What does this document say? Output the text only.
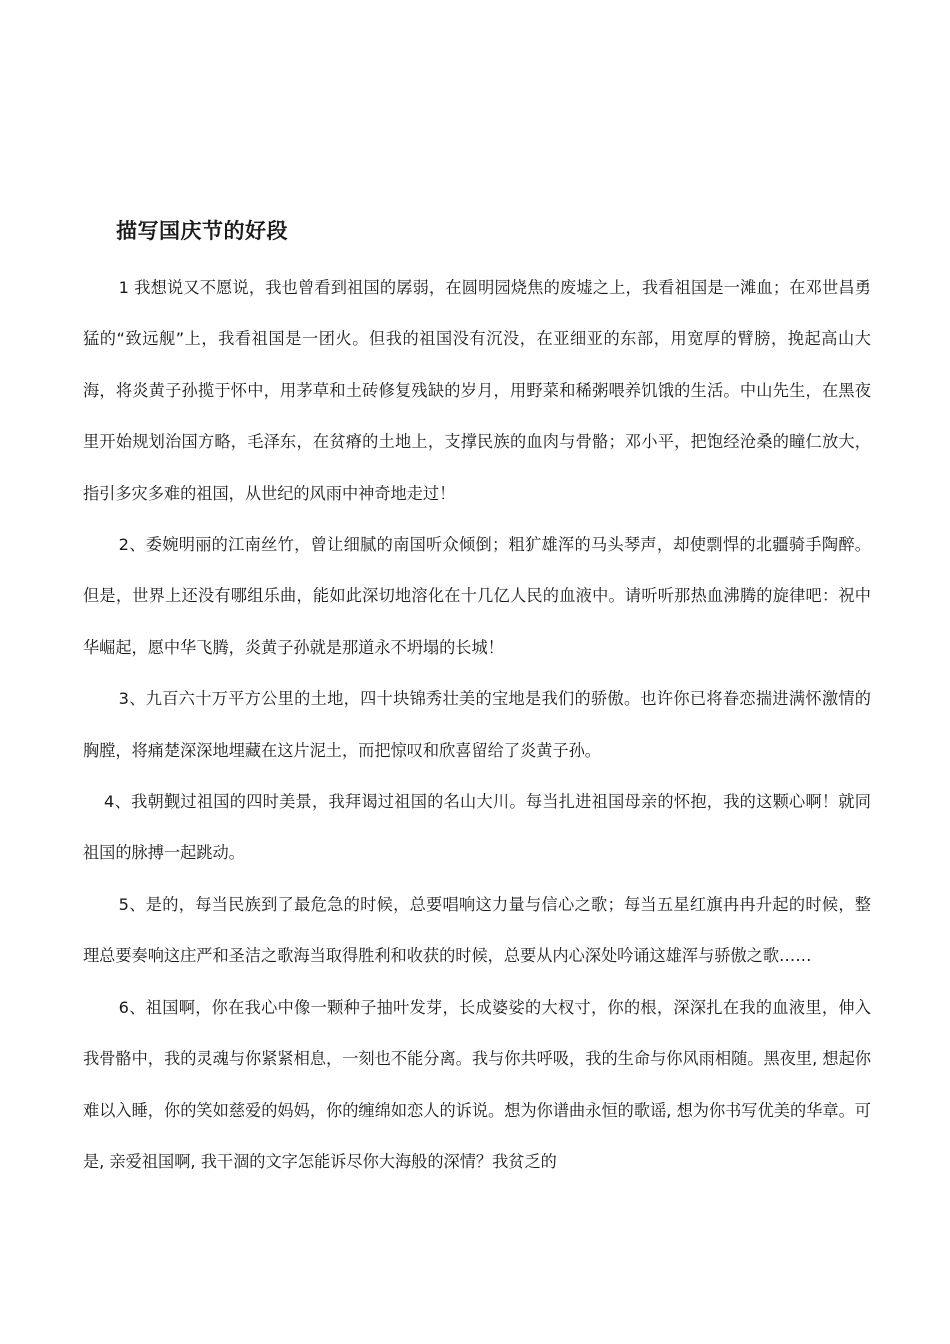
描写国庆节的好段

1 我想说又不愿说，我也曾看到祖国的孱弱，在圆明园烧焦的废墟之上，我看祖国是一滩血；在邓世昌勇猛的“致远舰”上，我看祖国是一团火。但我的祖国没有沉没，在亚细亚的东部，用宽厚的臂膀，挽起高山大海，将炎黄子孙揽于怀中，用茅草和土砖修复残缺的岁月，用野菜和稀粥喂养饥饿的生活。中山先生，在黑夜里开始规划治国方略，毛泽东，在贫瘠的土地上，支撑民族的血肉与骨骼；邓小平，把饱经沧桑的瞳仁放大，指引多灾多难的祖国，从世纪的风雨中神奇地走过！

2、委婉明丽的江南丝竹，曾让细腻的南国听众倾倒；粗犷雄浑的马头琴声，却使剽悍的北疆骑手陶醉。但是，世界上还没有哪组乐曲，能如此深切地溶化在十几亿人民的血液中。请听听那热血沸腾的旋律吧：祝中华崛起，愿中华飞腾，炎黄子孙就是那道永不坍塌的长城！

3、九百六十万平方公里的土地，四十块锦秀壮美的宝地是我们的骄傲。也许你已将眷恋揣进满怀激情的胸膛，将痛楚深深地埋藏在这片泥土，而把惊叹和欣喜留给了炎黄子孙。

4、我朝觐过祖国的四时美景，我拜谒过祖国的名山大川。每当扎进祖国母亲的怀抱，我的这颗心啊！就同祖国的脉搏一起跳动。

5、是的，每当民族到了最危急的时候，总要唱响这力量与信心之歌；每当五星红旗冉冉升起的时候，整理总要奏响这庄严和圣洁之歌海当取得胜利和收获的时候，总要从内心深处吟诵这雄浑与骄傲之歌……

6、祖国啊，你在我心中像一颗种子抽叶发芽，长成婆娑的大杈寸，你的根，深深扎在我的血液里，伸入我骨骼中，我的灵魂与你紧紧相息，一刻也不能分离。我与你共呼吸，我的生命与你风雨相随。黑夜里, 想起你难以入睡，你的笑如慈爱的妈妈，你的缠绵如恋人的诉说。想为你谱曲永恒的歌谣, 想为你书写优美的华章。可是, 亲爱祖国啊, 我干涸的文字怎能诉尽你大海般的深情？我贫乏的
